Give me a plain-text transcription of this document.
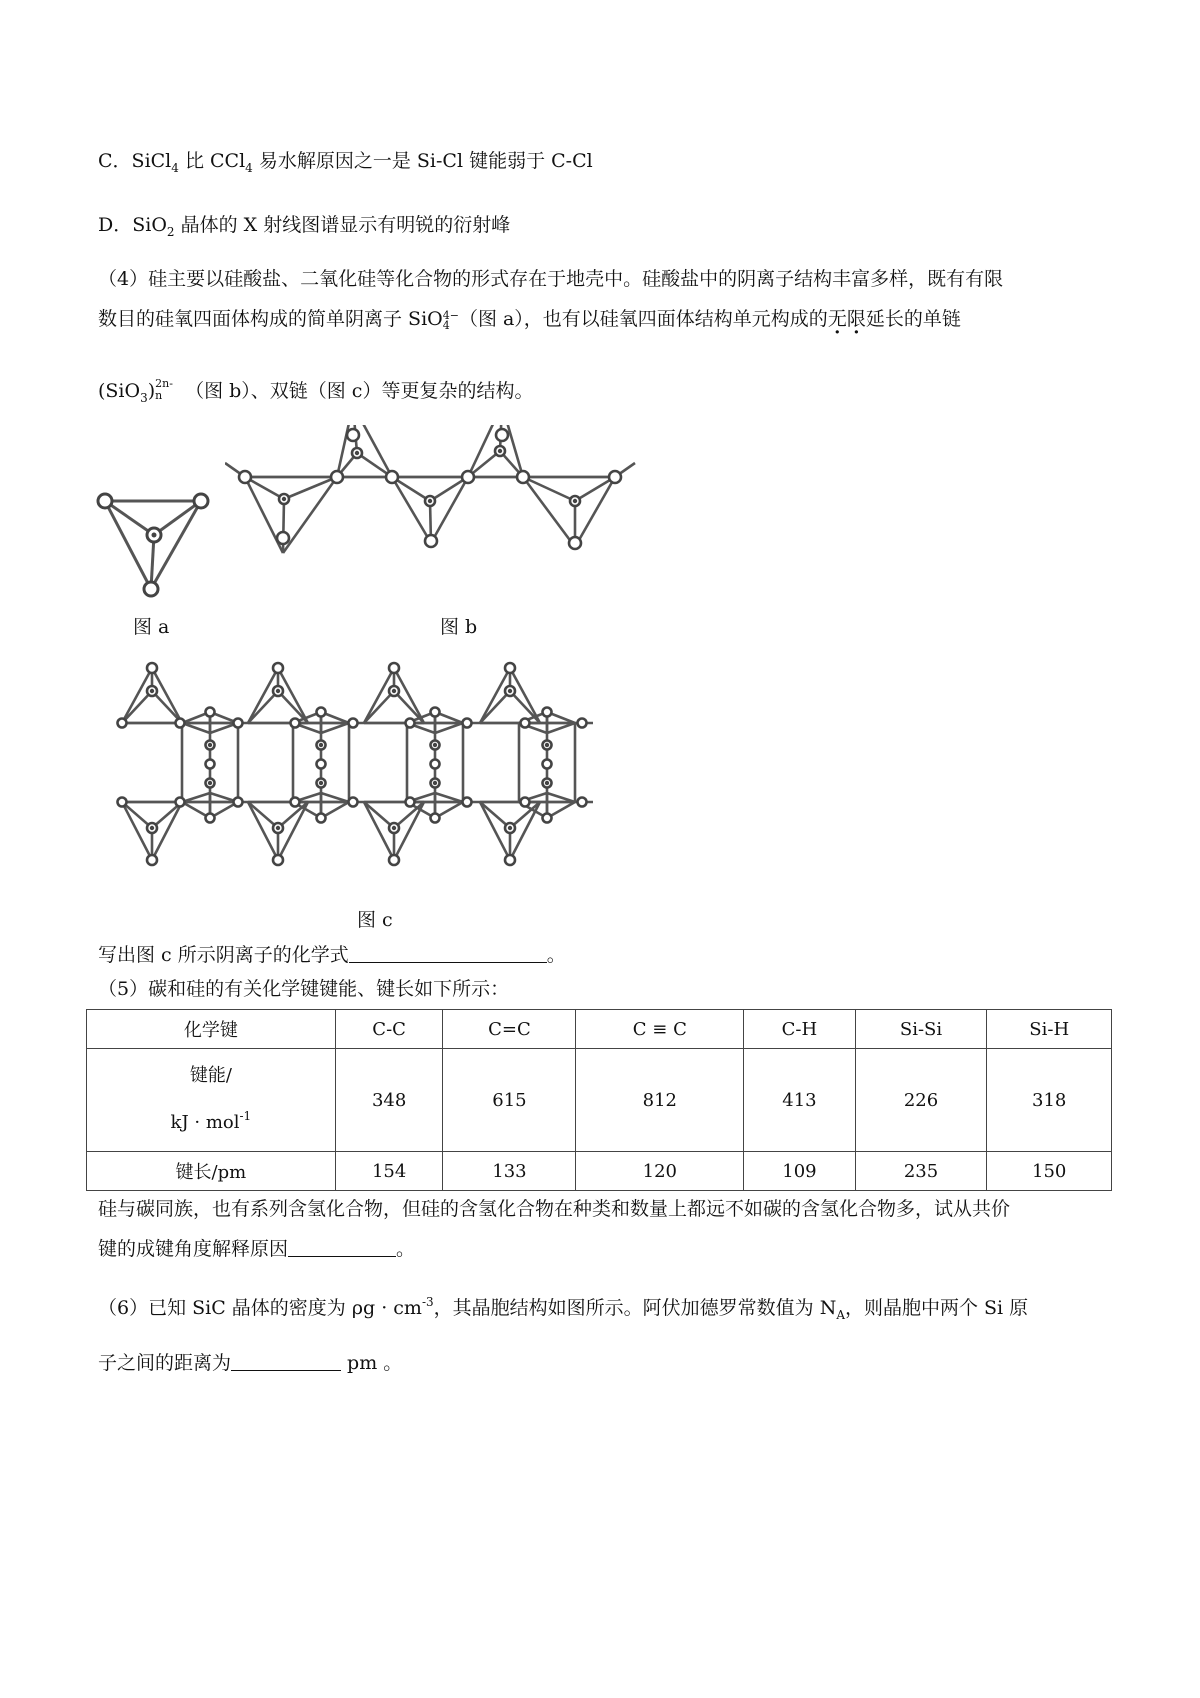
C．SiCl$_4$ 比 CCl$_4$ 易水解原因之一是 Si-Cl 键能弱于 C-Cl
D．SiO$_2$ 晶体的 X 射线图谱显示有明锐的衍射峰
（4）硅主要以硅酸盐、二氧化硅等化合物的形式存在于地壳中。硅酸盐中的阴离子结构丰富多样，既有有限
数目的硅氧四面体构成的简单阴离子 SiO 4−
4 （图 a），也有以硅氧四面体结构单元构成的无限延长的单链
(SiO$_3$) 2n-
n	（图 b）、双链（图 c）等更复杂的结构。
图 a	图 b
图 c
写出图 c 所示阴离子的化学式	。
（5）碳和硅的有关化学键键能、键长如下所示：
化学键	C-C	C=C	C ≡ C	C-H	Si-Si	Si-H

键能/
kJ · mol$^{-1}$	348	615	812	413	226	318
键长/pm	154	133	120	109	235	150
硅与碳同族，也有系列含氢化合物，但硅的含氢化合物在种类和数量上都远不如碳的含氢化合物多，试从共价
键的成键角度解释原因	。
（6）已知 SiC 晶体的密度为 $\rho g \cdot cm^{-3}$，其晶胞结构如图所示。阿伏加德罗常数值为 $N_A$，则晶胞中两个 Si 原
子之间的距离为	pm 。
